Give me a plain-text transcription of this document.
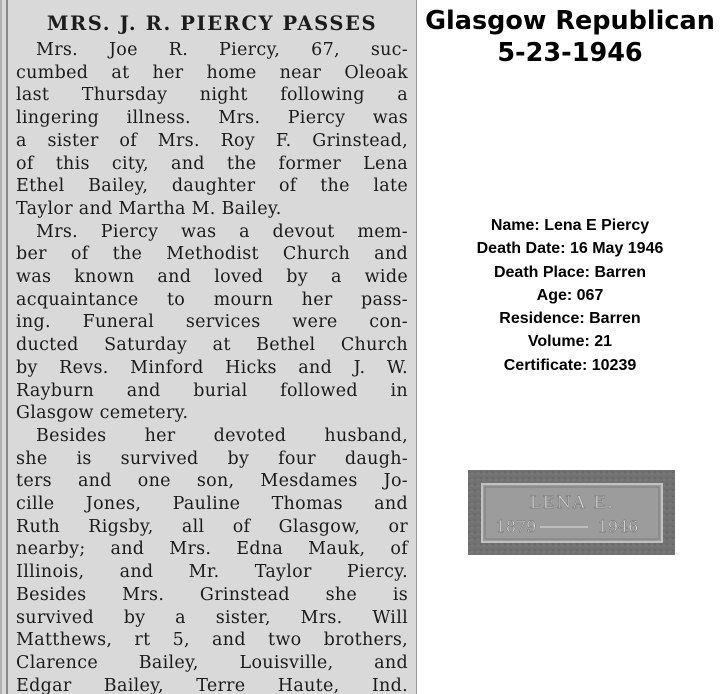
MRS. J. R. PIERCY PASSES
Mrs. Joe R. Piercy, 67, suc-
cumbed at her home near Oleoak
last Thursday night following a
lingering illness. Mrs. Piercy was
a sister of Mrs. Roy F. Grinstead,
of this city, and the former Lena
Ethel Bailey, daughter of the late
Taylor and Martha M. Bailey.
Mrs. Piercy was a devout mem-
ber of the Methodist Church and
was known and loved by a wide
acquaintance to mourn her pass-
ing. Funeral services were con-
ducted Saturday at Bethel Church
by Revs. Minford Hicks and J. W.
Rayburn and burial followed in
Glasgow cemetery.
Besides her devoted husband,
she is survived by four daugh-
ters and one son, Mesdames Jo-
cille Jones, Pauline Thomas and
Ruth Rigsby, all of Glasgow, or
nearby; and Mrs. Edna Mauk, of
Illinois, and Mr. Taylor Piercy.
Besides Mrs. Grinstead she is
survived by a sister, Mrs. Will
Matthews, rt 5, and two brothers,
Clarence Bailey, Louisville, and
Edgar Bailey, Terre Haute, Ind.
Glasgow Republican
5-23-1946
Name: Lena E Piercy
Death Date: 16 May 1946
Death Place: Barren
Age: 067
Residence: Barren
Volume: 21
Certificate: 10239
LENA E.
1879	1946
